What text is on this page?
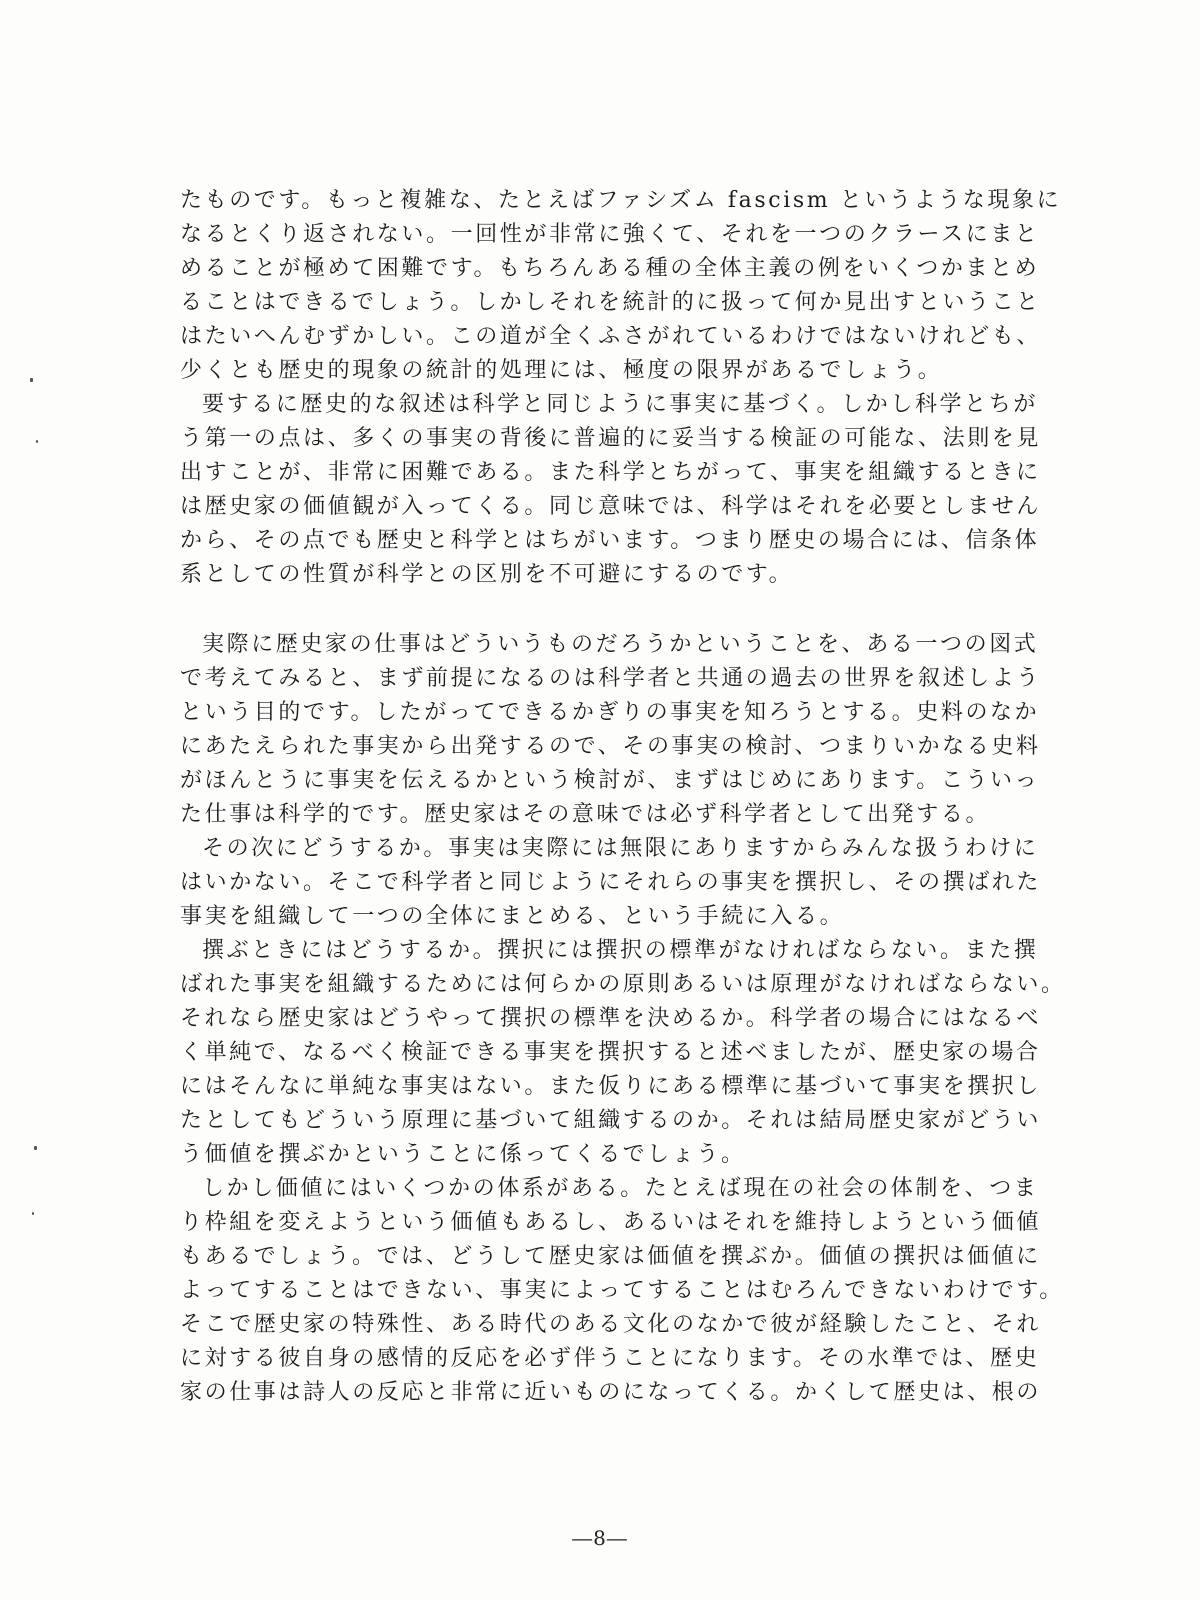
たものです。もっと複雑な、たとえばファシズム fascism というような現象に
なるとくり返されない。一回性が非常に強くて、それを一つのクラースにまと
めることが極めて困難です。もちろんある種の全体主義の例をいくつかまとめ
ることはできるでしょう。しかしそれを統計的に扱って何か見出すということ
はたいへんむずかしい。この道が全くふさがれているわけではないけれども、
少くとも歴史的現象の統計的処理には、極度の限界があるでしょう。
要するに歴史的な叙述は科学と同じように事実に基づく。しかし科学とちが
う第一の点は、多くの事実の背後に普遍的に妥当する検証の可能な、法則を見
出すことが、非常に困難である。また科学とちがって、事実を組織するときに
は歴史家の価値観が入ってくる。同じ意味では、科学はそれを必要としません
から、その点でも歴史と科学とはちがいます。つまり歴史の場合には、信条体
系としての性質が科学との区別を不可避にするのです。
実際に歴史家の仕事はどういうものだろうかということを、ある一つの図式
で考えてみると、まず前提になるのは科学者と共通の過去の世界を叙述しよう
という目的です。したがってできるかぎりの事実を知ろうとする。史料のなか
にあたえられた事実から出発するので、その事実の検討、つまりいかなる史料
がほんとうに事実を伝えるかという検討が、まずはじめにあります。こういっ
た仕事は科学的です。歴史家はその意味では必ず科学者として出発する。
その次にどうするか。事実は実際には無限にありますからみんな扱うわけに
はいかない。そこで科学者と同じようにそれらの事実を撰択し、その撰ばれた
事実を組織して一つの全体にまとめる、という手続に入る。
撰ぶときにはどうするか。撰択には撰択の標準がなければならない。また撰
ばれた事実を組織するためには何らかの原則あるいは原理がなければならない。
それなら歴史家はどうやって撰択の標準を決めるか。科学者の場合にはなるべ
く単純で、なるべく検証できる事実を撰択すると述べましたが、歴史家の場合
にはそんなに単純な事実はない。また仮りにある標準に基づいて事実を撰択し
たとしてもどういう原理に基づいて組織するのか。それは結局歴史家がどうい
う価値を撰ぶかということに係ってくるでしょう。
しかし価値にはいくつかの体系がある。たとえば現在の社会の体制を、つま
り枠組を変えようという価値もあるし、あるいはそれを維持しようという価値
もあるでしょう。では、どうして歴史家は価値を撰ぶか。価値の撰択は価値に
よってすることはできない、事実によってすることはむろんできないわけです。
そこで歴史家の特殊性、ある時代のある文化のなかで彼が経験したこと、それ
に対する彼自身の感情的反応を必ず伴うことになります。その水準では、歴史
家の仕事は詩人の反応と非常に近いものになってくる。かくして歴史は、根の
―8―
